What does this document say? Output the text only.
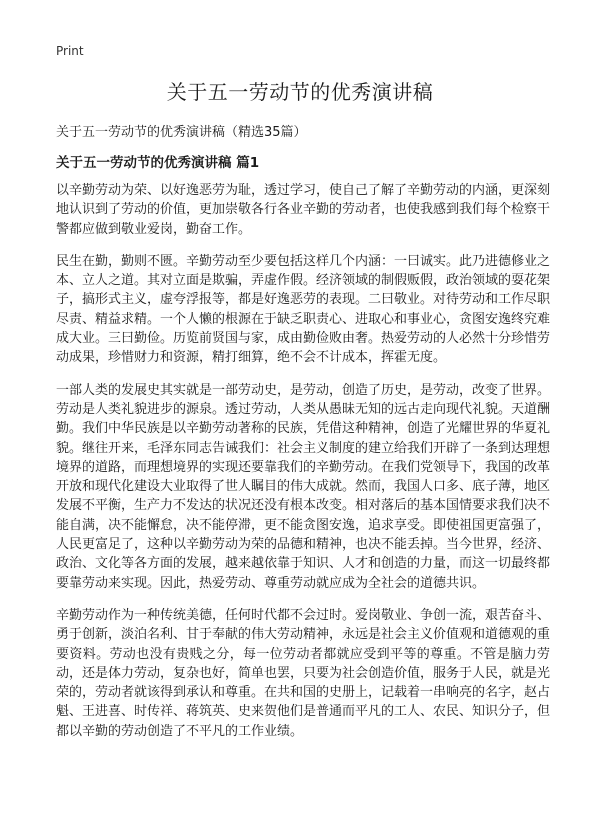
Print
关于五一劳动节的优秀演讲稿

关于五一劳动节的优秀演讲稿（精选35篇）

关于五一劳动节的优秀演讲稿 篇1

以辛勤劳动为荣、以好逸恶劳为耻，透过学习，使自己了解了辛勤劳动的内涵，更深刻地认识到了劳动的价值，更加崇敬各行各业辛勤的劳动者，也使我感到我们每个检察干警都应做到敬业爱岗，勤奋工作。

民生在勤，勤则不匮。辛勤劳动至少要包括这样几个内涵：一曰诚实。此乃进德修业之本、立人之道。其对立面是欺骗，弄虚作假。经济领域的制假贩假，政治领域的耍花架子，搞形式主义，虚夸浮报等，都是好逸恶劳的表现。二曰敬业。对待劳动和工作尽职尽责、精益求精。一个人懒的根源在于缺乏职责心、进取心和事业心，贪图安逸终究难成大业。三曰勤俭。历览前贤国与家，成由勤俭败由奢。热爱劳动的人必然十分珍惜劳动成果，珍惜财力和资源，精打细算，绝不会不计成本，挥霍无度。

一部人类的发展史其实就是一部劳动史，是劳动，创造了历史，是劳动，改变了世界。劳动是人类礼貌进步的源泉。透过劳动，人类从愚昧无知的远古走向现代礼貌。天道酬勤。我们中华民族是以辛勤劳动著称的民族，凭借这种精神，创造了光耀世界的华夏礼貌。继往开来，毛泽东同志告诫我们：社会主义制度的建立给我们开辟了一条到达理想境界的道路，而理想境界的实现还要靠我们的辛勤劳动。在我们党领导下，我国的改革开放和现代化建设大业取得了世人瞩目的伟大成就。然而，我国人口多、底子薄，地区发展不平衡，生产力不发达的状况还没有根本改变。相对落后的基本国情要求我们决不能自满，决不能懈怠，决不能停滞，更不能贪图安逸，追求享受。即使祖国更富强了，人民更富足了，这种以辛勤劳动为荣的品德和精神，也决不能丢掉。当今世界，经济、政治、文化等各方面的发展，越来越依靠于知识、人才和创造的力量，而这一切最终都要靠劳动来实现。因此，热爱劳动、尊重劳动就应成为全社会的道德共识。

辛勤劳动作为一种传统美德，任何时代都不会过时。爱岗敬业、争创一流，艰苦奋斗、勇于创新，淡泊名利、甘于奉献的伟大劳动精神，永远是社会主义价值观和道德观的重要资料。劳动也没有贵贱之分，每一位劳动者都就应受到平等的尊重。不管是脑力劳动，还是体力劳动，复杂也好，简单也罢，只要为社会创造价值，服务于人民，就是光荣的，劳动者就该得到承认和尊重。在共和国的史册上，记载着一串响亮的名字，赵占魁、王进喜、时传祥、蒋筑英、史来贺他们是普通而平凡的工人、农民、知识分子，但都以辛勤的劳动创造了不平凡的工作业绩。
